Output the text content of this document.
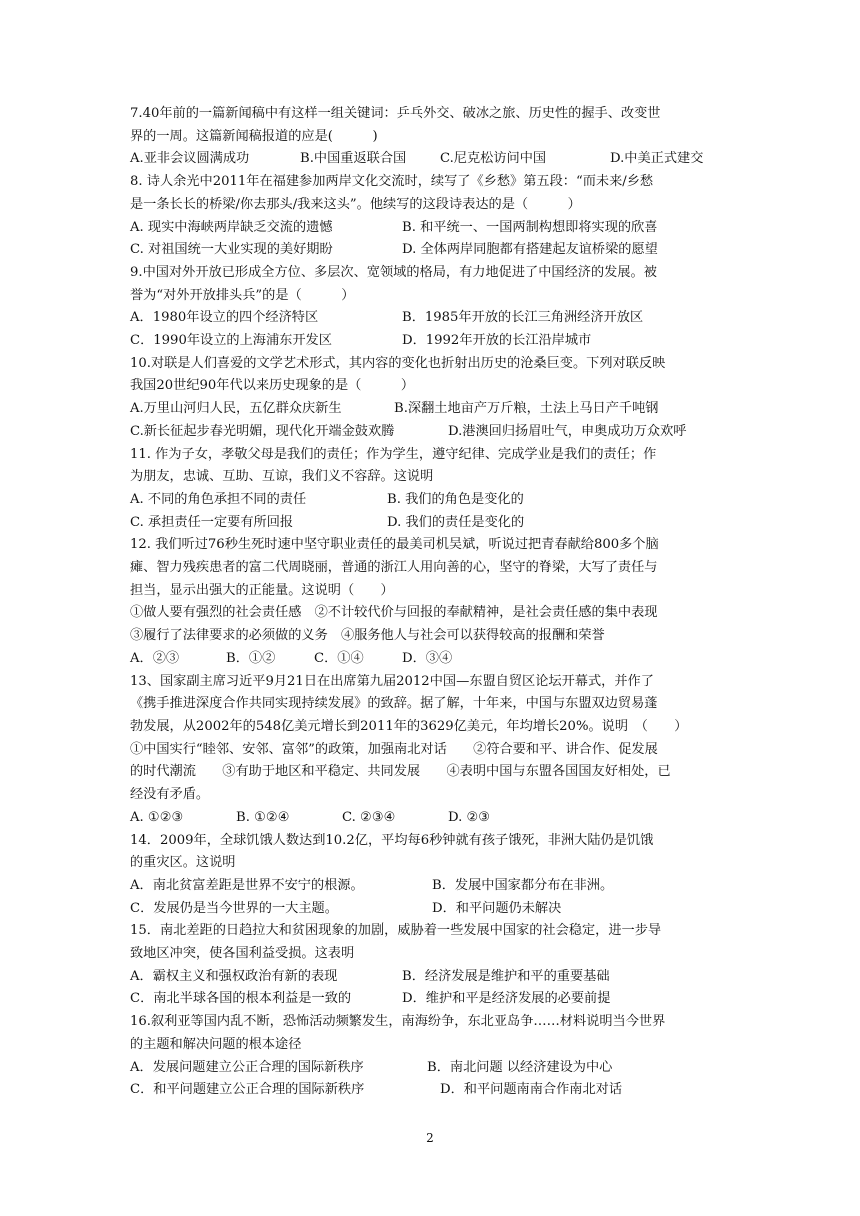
7.40年前的一篇新闻稿中有这样一组关键词：乒乓外交、破冰之旅、历史性的握手、改变世
界的一周。这篇新闻稿报道的应是(　　　)
A.亚非会议圆满成功	B.中国重返联合国	C.尼克松访问中国	D.中美正式建交
8. 诗人余光中2011年在福建参加两岸文化交流时，续写了《乡愁》第五段：“而未来/乡愁
是一条长长的桥梁/你去那头/我来这头”。他续写的这段诗表达的是（　　　）
A. 现实中海峡两岸缺乏交流的遗憾	B. 和平统一、一国两制构想即将实现的欣喜
C. 对祖国统一大业实现的美好期盼	D. 全体两岸同胞都有搭建起友谊桥梁的愿望
9.中国对外开放已形成全方位、多层次、宽领域的格局，有力地促进了中国经济的发展。被
誉为“对外开放排头兵”的是（　　　）
A．1980年设立的四个经济特区	B．1985年开放的长江三角洲经济开放区
C．1990年设立的上海浦东开发区	D．1992年开放的长江沿岸城市
10.对联是人们喜爱的文学艺术形式，其内容的变化也折射出历史的沧桑巨变。下列对联反映
我国20世纪90年代以来历史现象的是（　　　）
A.万里山河归人民，五亿群众庆新生	B.深翻土地亩产万斤粮，土法上马日产千吨钢
C.新长征起步春光明媚，现代化开端金鼓欢腾	D.港澳回归扬眉吐气，申奥成功万众欢呼
11. 作为子女，孝敬父母是我们的责任；作为学生，遵守纪律、完成学业是我们的责任；作
为朋友，忠诚、互助、互谅，我们义不容辞。这说明
A. 不同的角色承担不同的责任	B. 我们的角色是变化的
C. 承担责任一定要有所回报	D. 我们的责任是变化的
12. 我们听过76秒生死时速中坚守职业责任的最美司机吴斌，听说过把青春献给800多个脑
瘫、智力残疾患者的富二代周晓丽，普通的浙江人用向善的心，坚守的脊梁，大写了责任与
担当，显示出强大的正能量。这说明（　　）
①做人要有强烈的社会责任感　②不计较代价与回报的奉献精神，是社会责任感的集中表现
③履行了法律要求的必须做的义务　④服务他人与社会可以获得较高的报酬和荣誉
A．②③	B．①②	C．①④	D．③④
13、国家副主席习近平9月21日在出席第九届2012中国—东盟自贸区论坛开幕式，并作了
《携手推进深度合作共同实现持续发展》的致辞。据了解，十年来，中国与东盟双边贸易蓬
勃发展，从2002年的548亿美元增长到2011年的3629亿美元，年均增长20%。说明　（　　）
①中国实行“睦邻、安邻、富邻”的政策，加强南北对话　　②符合要和平、讲合作、促发展
的时代潮流　　③有助于地区和平稳定、共同发展　　④表明中国与东盟各国国友好相处，已
经没有矛盾。
A. ①②③	B. ①②④	C. ②③④	D. ②③
14．2009年，全球饥饿人数达到10.2亿，平均每6秒钟就有孩子饿死，非洲大陆仍是饥饿
的重灾区。这说明
A．南北贫富差距是世界不安宁的根源。	B．发展中国家都分布在非洲。
C．发展仍是当今世界的一大主题。	D．和平问题仍未解决
15．南北差距的日趋拉大和贫困现象的加剧，威胁着一些发展中国家的社会稳定，进一步导
致地区冲突，使各国利益受损。这表明
A．霸权主义和强权政治有新的表现	B．经济发展是维护和平的重要基础
C．南北半球各国的根本利益是一致的	D．维护和平是经济发展的必要前提
16.叙利亚等国内乱不断，恐怖活动频繁发生，南海纷争，东北亚岛争……材料说明当今世界
的主题和解决问题的根本途径
A．发展问题建立公正合理的国际新秩序	B．南北问题 以经济建设为中心
C．和平问题建立公正合理的国际新秩序	D．和平问题南南合作南北对话
2
